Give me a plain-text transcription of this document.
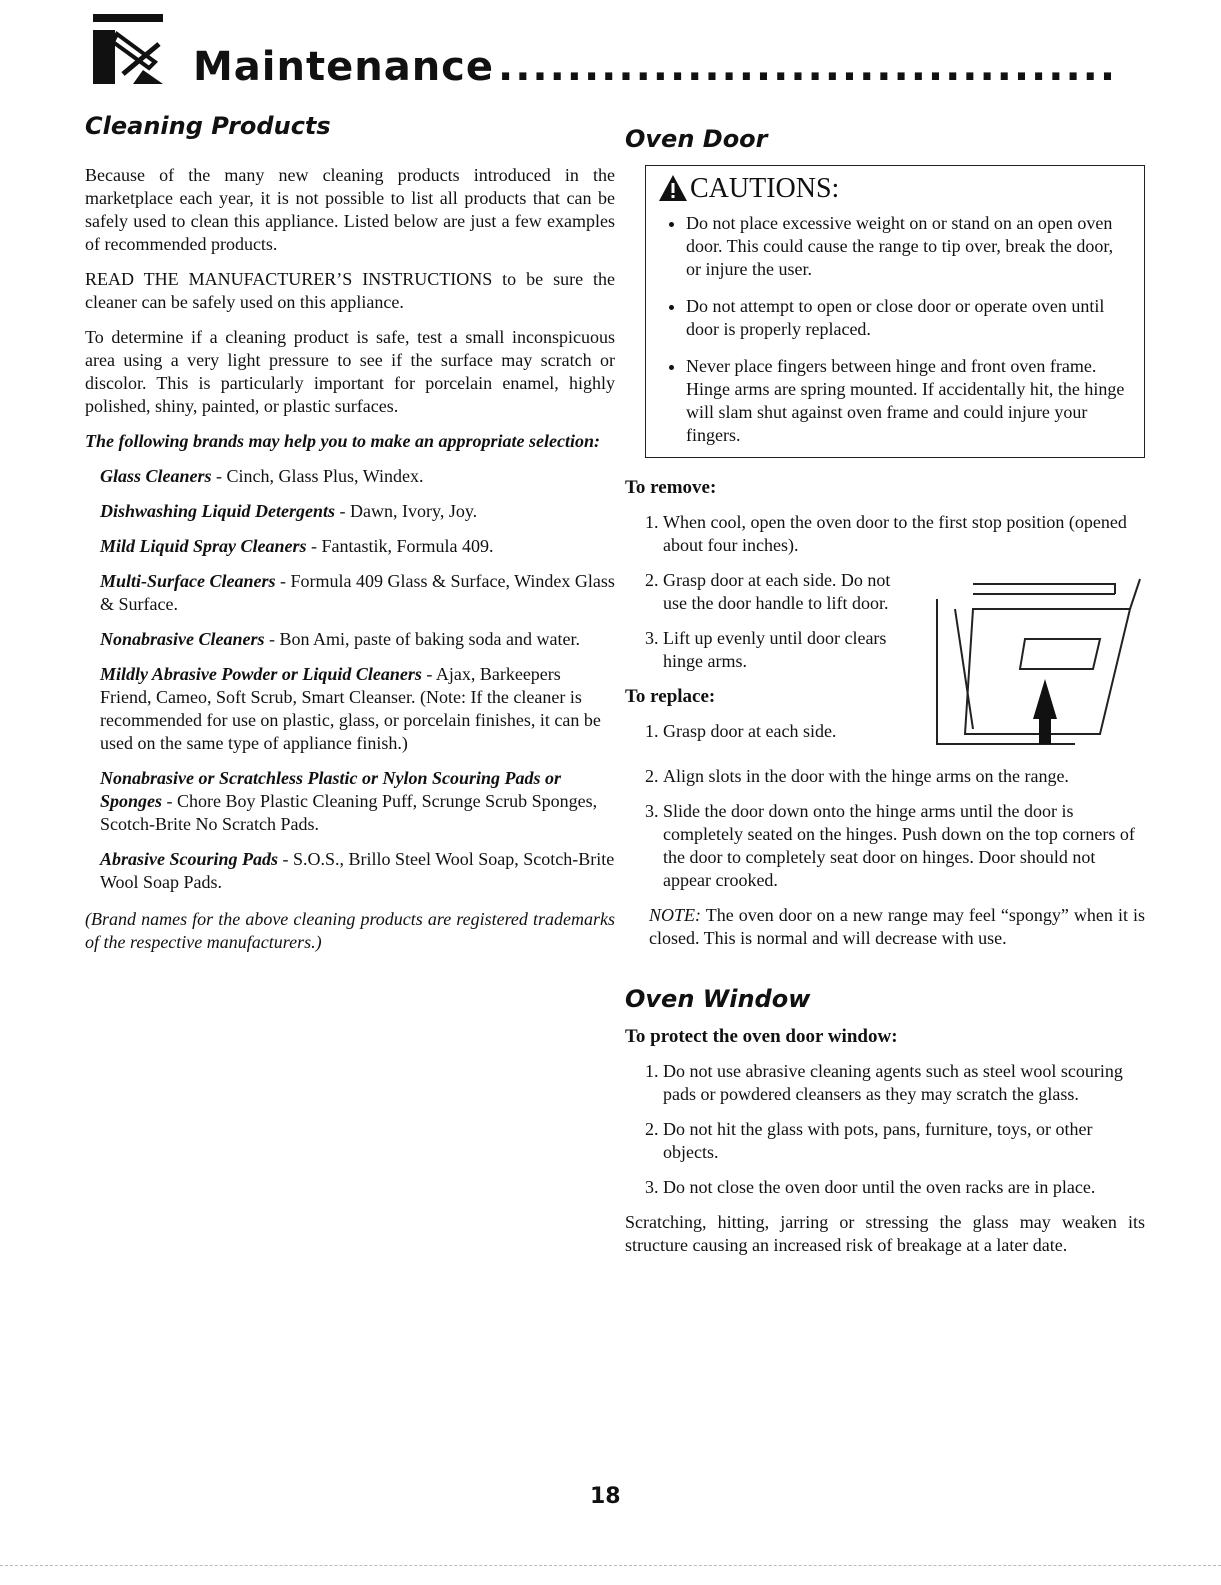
Maintenance ....................................
Cleaning Products

Because of the many new cleaning products introduced in the marketplace each year, it is not possible to list all products that can be safely used to clean this appliance. Listed below are just a few examples of recommended products.

READ THE MANUFACTURER’S INSTRUCTIONS to be sure the cleaner can be safely used on this appliance.

To determine if a cleaning product is safe, test a small inconspicuous area using a very light pressure to see if the surface may scratch or discolor. This is particularly important for porcelain enamel, highly polished, shiny, painted, or plastic surfaces.

The following brands may help you to make an appropriate selection:

Glass Cleaners - Cinch, Glass Plus, Windex.

Dishwashing Liquid Detergents - Dawn, Ivory, Joy.

Mild Liquid Spray Cleaners - Fantastik, Formula 409.

Multi-Surface Cleaners - Formula 409 Glass & Surface, Windex Glass & Surface.

Nonabrasive Cleaners - Bon Ami, paste of baking soda and water.

Mildly Abrasive Powder or Liquid Cleaners - Ajax, Barkeepers Friend, Cameo, Soft Scrub, Smart Cleanser. (Note: If the cleaner is recommended for use on plastic, glass, or porcelain finishes, it can be used on the same type of appliance finish.)

Nonabrasive or Scratchless Plastic or Nylon Scouring Pads or Sponges - Chore Boy Plastic Cleaning Puff, Scrunge Scrub Sponges, Scotch-Brite No Scratch Pads.

Abrasive Scouring Pads - S.O.S., Brillo Steel Wool Soap, Scotch-Brite Wool Soap Pads.

(Brand names for the above cleaning products are registered trademarks of the respective manufacturers.)

Oven Door
CAUTIONS:
• Do not place excessive weight on or stand on an open oven door. This could cause the range to tip over, break the door, or injure the user.
• Do not attempt to open or close door or operate oven until door is properly replaced.
• Never place fingers between hinge and front oven frame. Hinge arms are spring mounted. If accidentally hit, the hinge will slam shut against oven frame and could injure your fingers.
To remove:
1. When cool, open the oven door to the first stop position (opened about four inches).
2. Grasp door at each side. Do not use the door handle to lift door.
3. Lift up evenly until door clears hinge arms.
To replace:
1. Grasp door at each side.
2. Align slots in the door with the hinge arms on the range.
3. Slide the door down onto the hinge arms until the door is completely seated on the hinges. Push down on the top corners of the door to completely seat door on hinges. Door should not appear crooked.

NOTE: The oven door on a new range may feel “spongy” when it is closed. This is normal and will decrease with use.

Oven Window
To protect the oven door window:
1. Do not use abrasive cleaning agents such as steel wool scouring pads or powdered cleansers as they may scratch the glass.
2. Do not hit the glass with pots, pans, furniture, toys, or other objects.
3. Do not close the oven door until the oven racks are in place.

Scratching, hitting, jarring or stressing the glass may weaken its structure causing an increased risk of breakage at a later date.

18
